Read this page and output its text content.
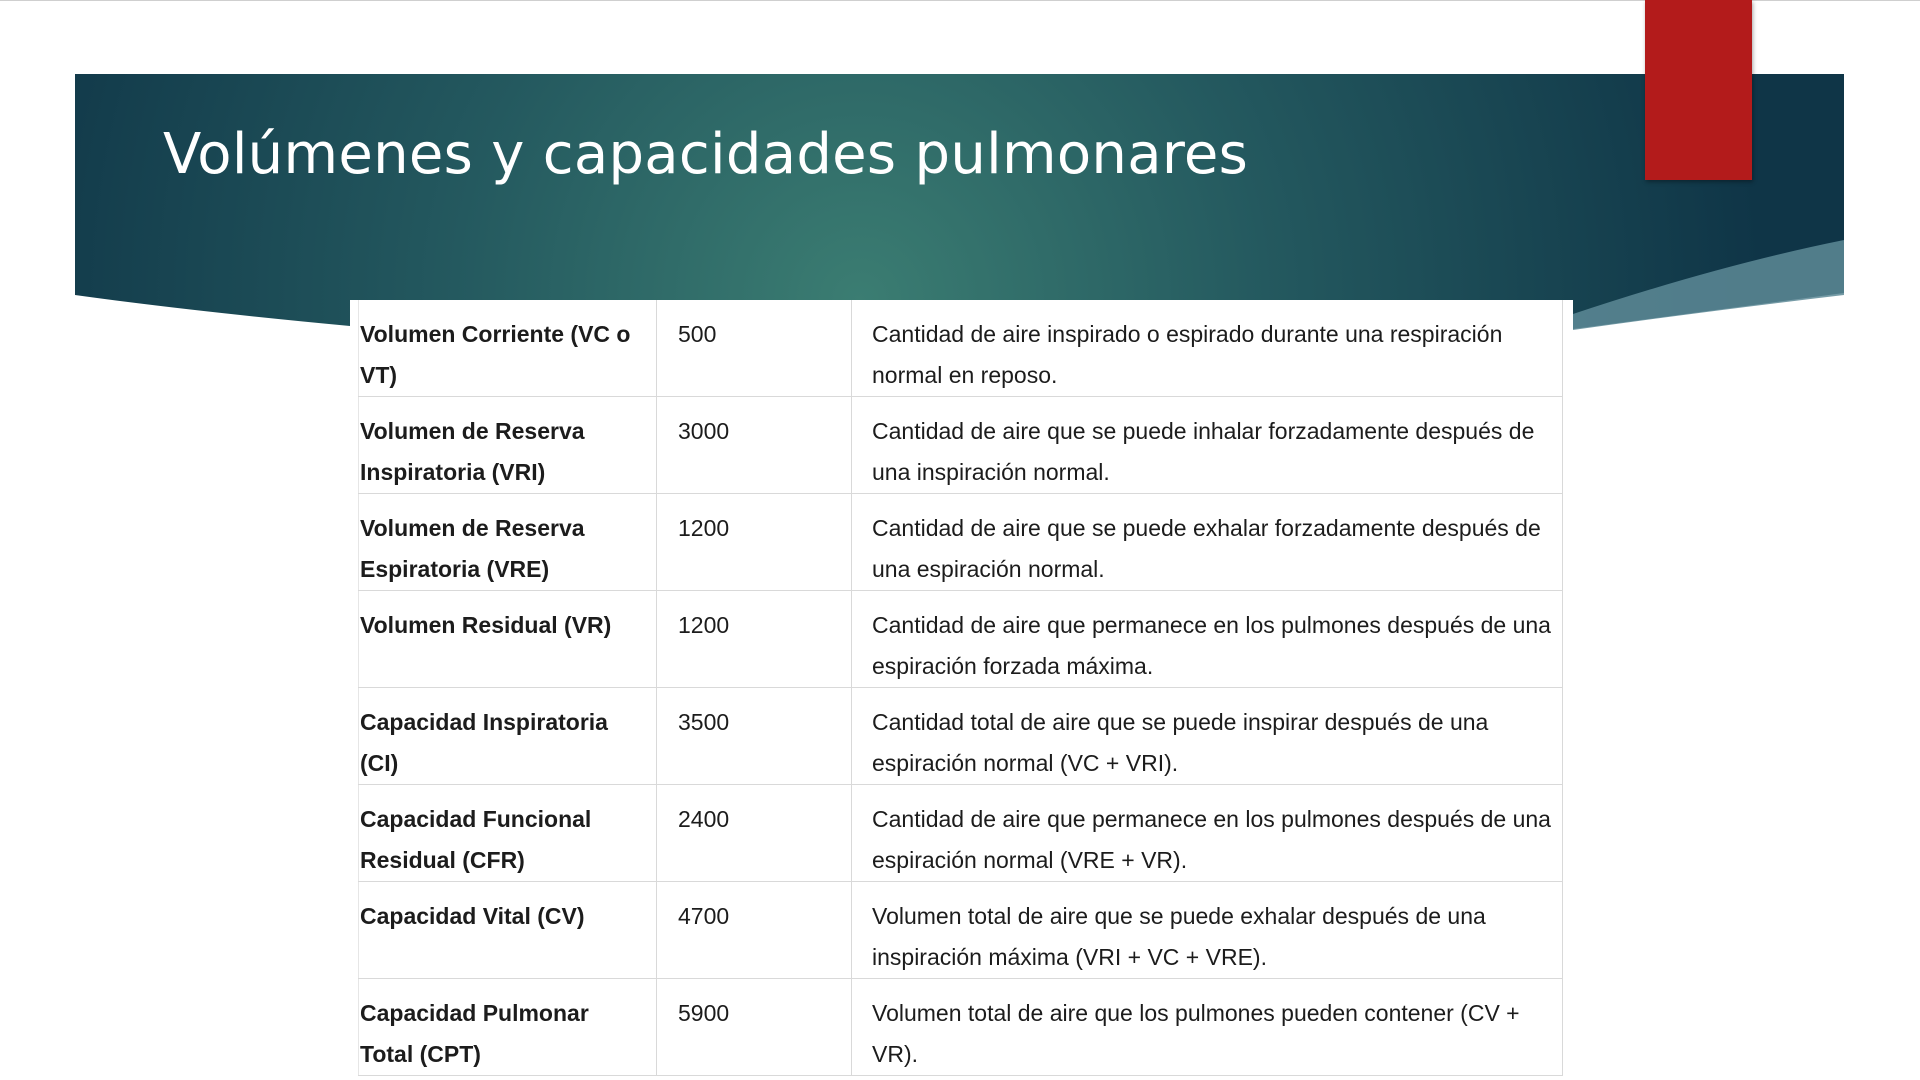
Volúmenes y capacidades pulmonares
Volumen Corriente (VC o VT)	500	Cantidad de aire inspirado o espirado durante una respiración normal en reposo.
Volumen de Reserva Inspiratoria (VRI)	3000	Cantidad de aire que se puede inhalar forzadamente después de una inspiración normal.
Volumen de Reserva Espiratoria (VRE)	1200	Cantidad de aire que se puede exhalar forzadamente después de una espiración normal.
Volumen Residual (VR)	1200	Cantidad de aire que permanece en los pulmones después de una espiración forzada máxima.
Capacidad Inspiratoria (CI)	3500	Cantidad total de aire que se puede inspirar después de una espiración normal (VC + VRI).
Capacidad Funcional Residual (CFR)	2400	Cantidad de aire que permanece en los pulmones después de una espiración normal (VRE + VR).
Capacidad Vital (CV)	4700	Volumen total de aire que se puede exhalar después de una inspiración máxima (VRI + VC + VRE).
Capacidad Pulmonar Total (CPT)	5900	Volumen total de aire que los pulmones pueden contener (CV + VR).
